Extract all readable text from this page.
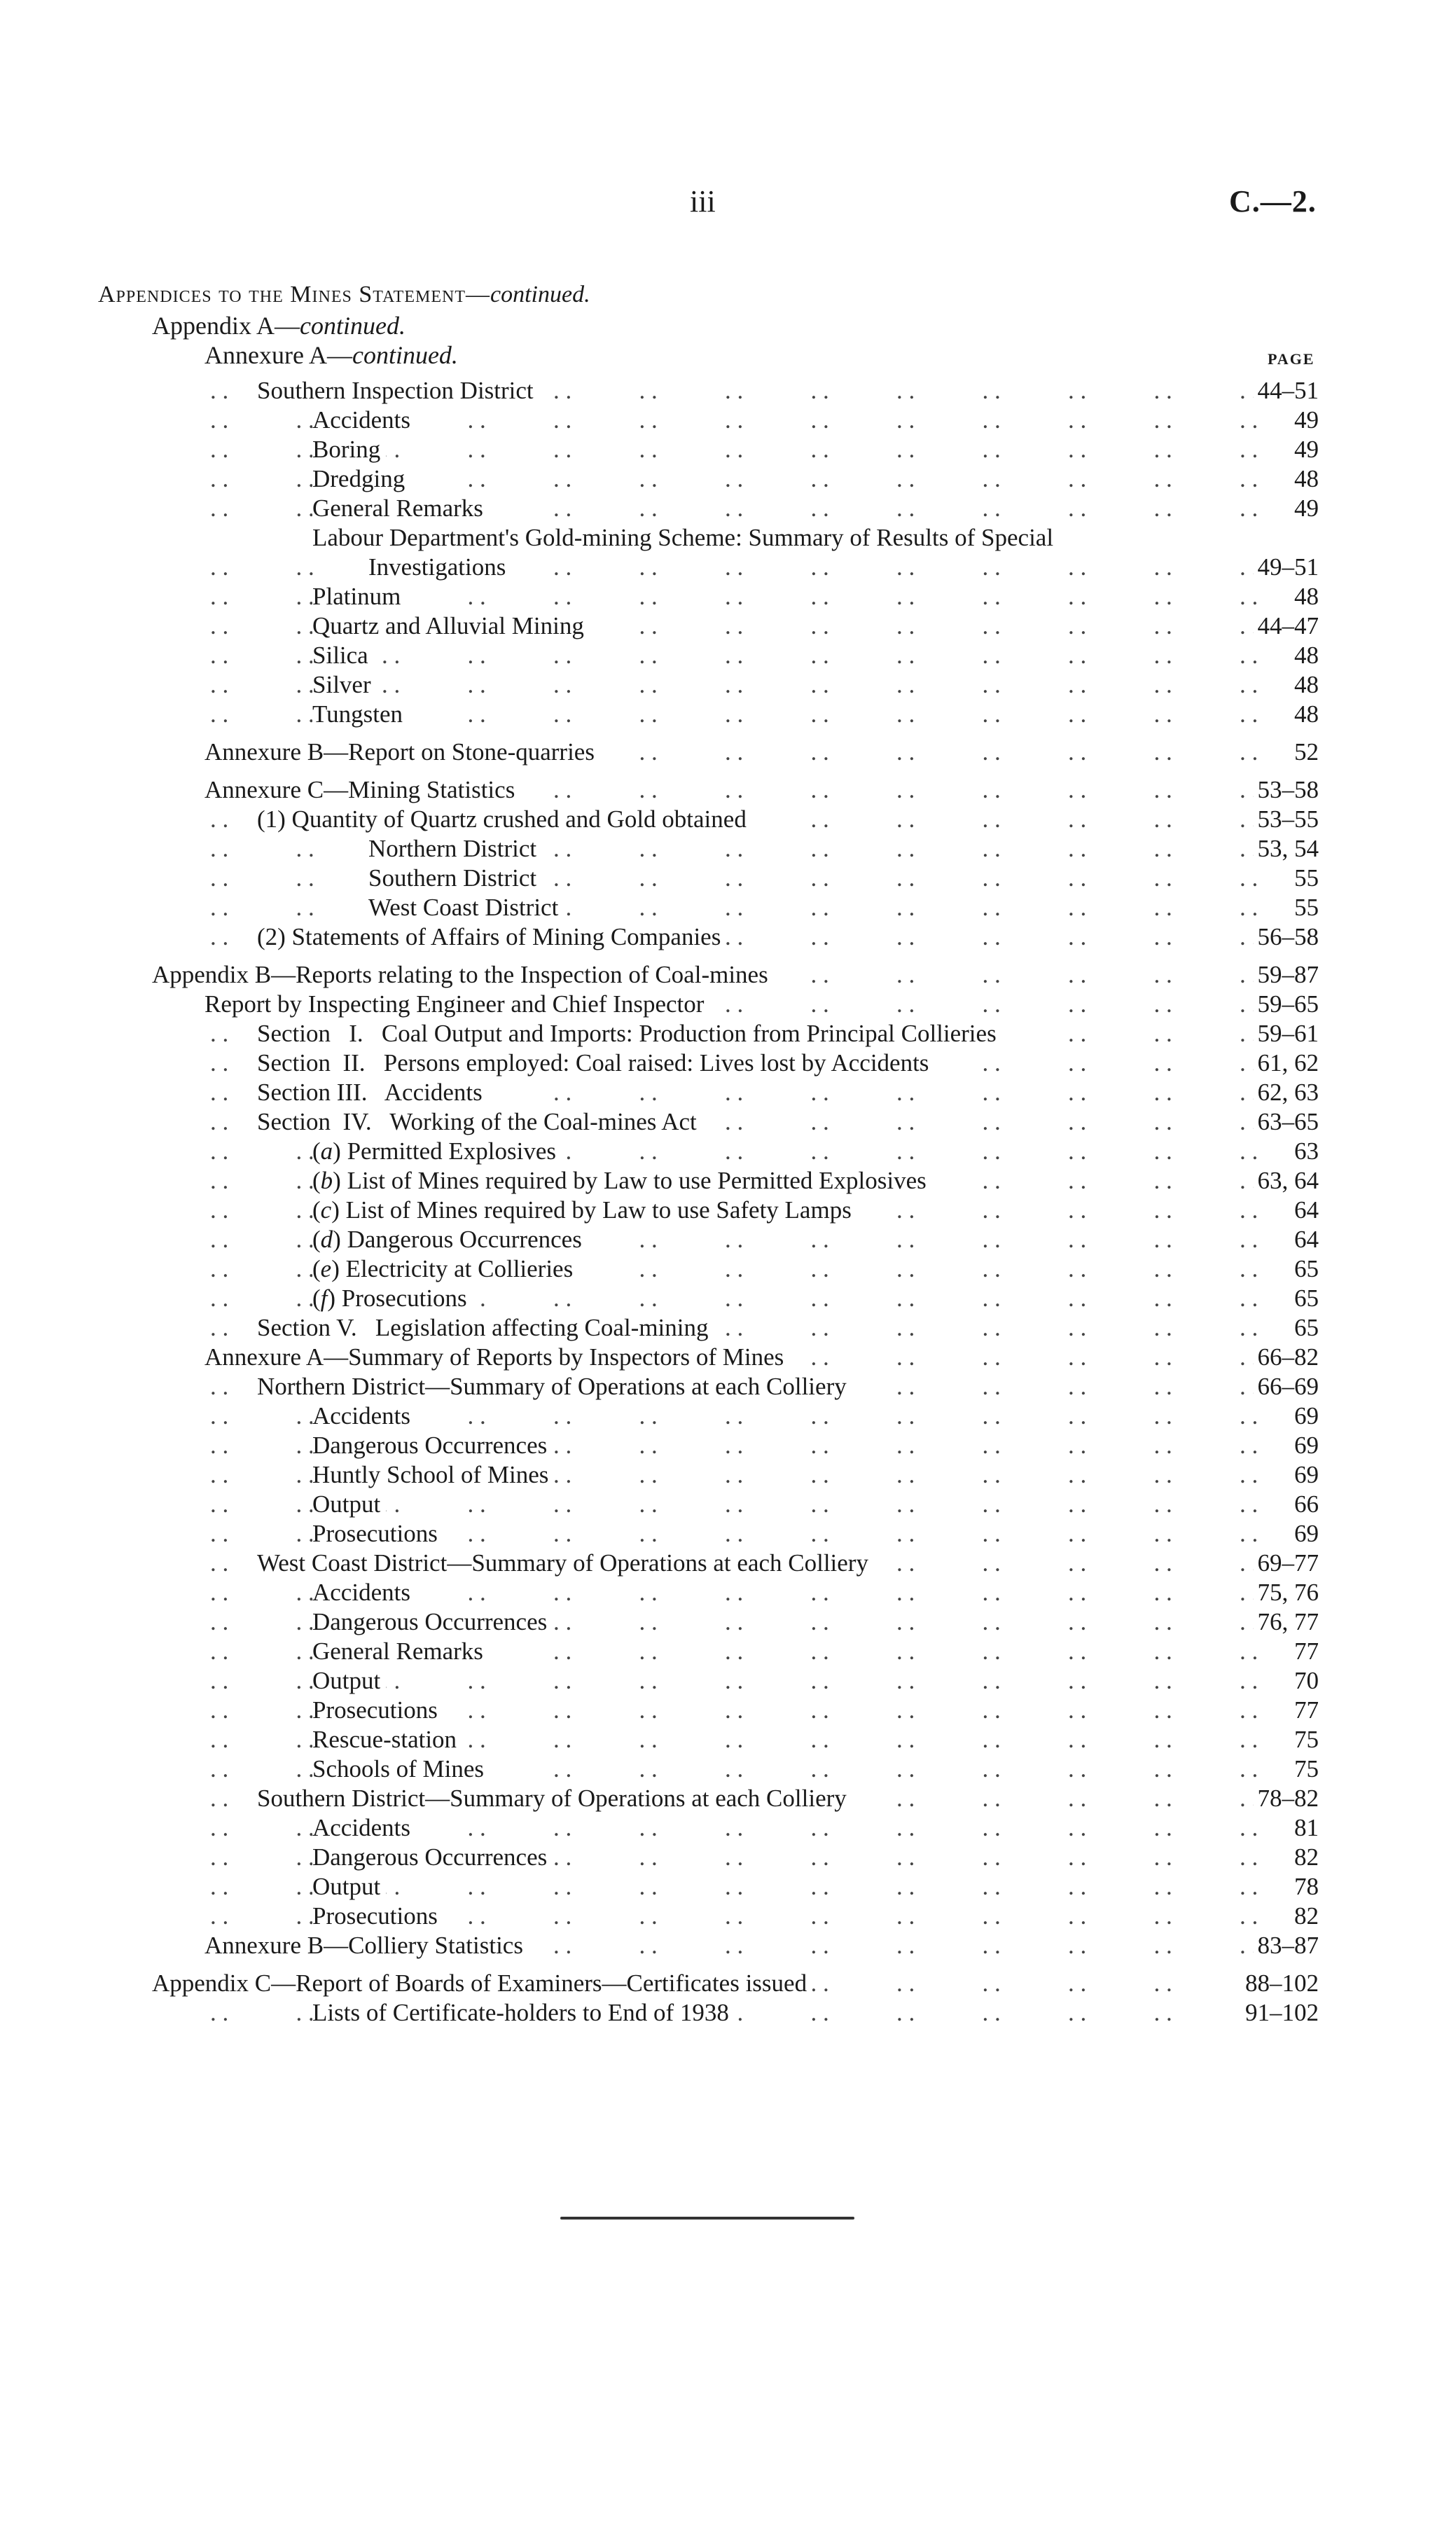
iii	C.—2.
Appendices to the Mines Statement—continued.
Appendix A—continued.
Annexure A—continued.	PAGE
Southern Inspection District . .	44–51
Accidents . .	49
Boring . .	49
Dredging . .	48
General Remarks . .	49
Labour Department's Gold-mining Scheme: Summary of Results of Special
Investigations . .	49–51
Platinum . .	48
Quartz and Alluvial Mining . .	44–47
Silica . .	48
Silver . .	48
Tungsten . .	48
Annexure B—Report on Stone-quarries . .	52
Annexure C—Mining Statistics . .	53–58
(1) Quantity of Quartz crushed and Gold obtained . .	53–55
Northern District . .	53, 54
Southern District . .	55
West Coast District . .	55
(2) Statements of Affairs of Mining Companies . .	56–58
Appendix B—Reports relating to the Inspection of Coal-mines . .	59–87
Report by Inspecting Engineer and Chief Inspector . .	59–65
Section   I.   Coal Output and Imports: Production from Principal Collieries . .	59–61
Section  II.   Persons employed: Coal raised: Lives lost by Accidents . .	61, 62
Section III.   Accidents . .	62, 63
Section  IV.   Working of the Coal-mines Act . .	63–65
(a) Permitted Explosives . .	63
(b) List of Mines required by Law to use Permitted Explosives . .	63, 64
(c) List of Mines required by Law to use Safety Lamps . .	64
(d) Dangerous Occurrences . .	64
(e) Electricity at Collieries . .	65
(f) Prosecutions . .	65
Section V.   Legislation affecting Coal-mining . .	65
Annexure A—Summary of Reports by Inspectors of Mines . .	66–82
Northern District—Summary of Operations at each Colliery . .	66–69
Accidents . .	69
Dangerous Occurrences . .	69
Huntly School of Mines . .	69
Output . .	66
Prosecutions . .	69
West Coast District—Summary of Operations at each Colliery . .	69–77
Accidents . .	75, 76
Dangerous Occurrences . .	76, 77
General Remarks . .	77
Output . .	70
Prosecutions . .	77
Rescue-station . .	75
Schools of Mines . .	75
Southern District—Summary of Operations at each Colliery . .	78–82
Accidents . .	81
Dangerous Occurrences . .	82
Output . .	78
Prosecutions . .	82
Annexure B—Colliery Statistics . .	83–87
Appendix C—Report of Boards of Examiners—Certificates issued . .	88–102
Lists of Certificate-holders to End of 1938 . .	91–102
